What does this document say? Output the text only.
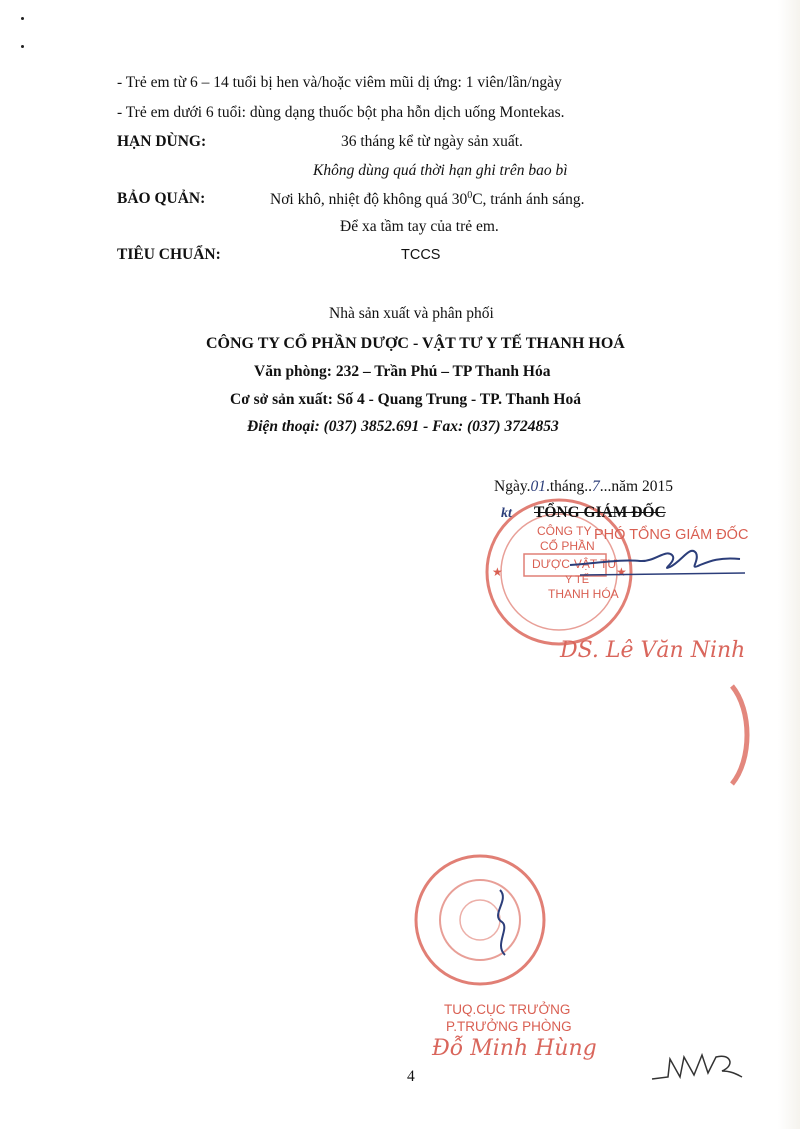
- Trẻ em từ 6 – 14 tuổi bị hen và/hoặc viêm mũi dị ứng: 1 viên/lần/ngày
- Trẻ em dưới 6 tuổi: dùng dạng thuốc bột pha hỗn dịch uống Montekas.
HẠN DÙNG:	36 tháng kể từ ngày sản xuất.
Không dùng quá thời hạn ghi trên bao bì
BẢO QUẢN:	Nơi khô, nhiệt độ không quá $30^0C$, tránh ánh sáng.
Để xa tầm tay của trẻ em.
TIÊU CHUẨN:	TCCS
Nhà sản xuất và phân phối
CÔNG TY CỔ PHẦN DƯỢC - VẬT TƯ Y TẾ THANH HOÁ
Văn phòng: 232 – Trần Phú – TP Thanh Hóa
Cơ sở sản xuất: Số 4 - Quang Trung - TP. Thanh Hoá
Điện thoại: (037) 3852.691 - Fax: (037) 3724853
Ngày.01.tháng..7...năm 2015
★	★
CÔNG TY
CỔ PHẦN
DƯỢC-VẬT TƯ
Y TẾ
THANH HÓA
kt TỔNG GIÁM ĐỐC
PHÓ TỔNG GIÁM ĐỐC
DS. Lê Văn Ninh
TUQ.CỤC TRƯỞNG
P.TRƯỞNG PHÒNG
Đỗ Minh Hùng
4
